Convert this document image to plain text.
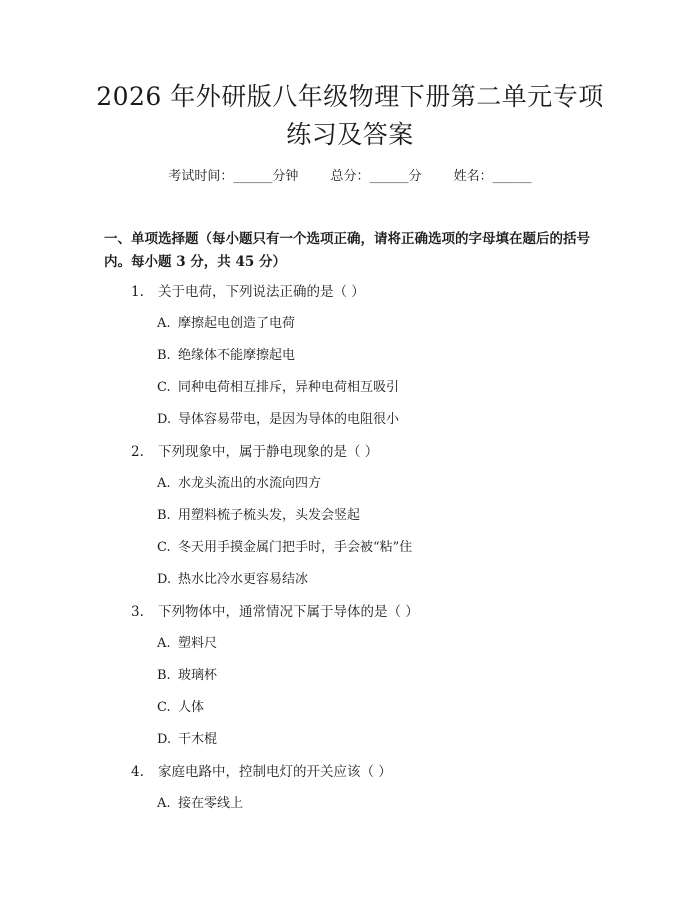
2026 年外研版八年级物理下册第二单元专项
练习及答案
考试时间：______分钟 总分：______分 姓名：______
一、单项选择题（每小题只有一个选项正确，请将正确选项的字母填在题后的括号内。每小题 3 分，共 45 分）
1. 关于电荷，下列说法正确的是（ ）
A. 摩擦起电创造了电荷
B. 绝缘体不能摩擦起电
C. 同种电荷相互排斥，异种电荷相互吸引
D. 导体容易带电，是因为导体的电阻很小
2. 下列现象中，属于静电现象的是（ ）
A. 水龙头流出的水流向四方
B. 用塑料梳子梳头发，头发会竖起
C. 冬天用手摸金属门把手时，手会被“粘”住
D. 热水比冷水更容易结冰
3. 下列物体中，通常情况下属于导体的是（ ）
A. 塑料尺
B. 玻璃杯
C. 人体
D. 干木棍
4. 家庭电路中，控制电灯的开关应该（ ）
A. 接在零线上
